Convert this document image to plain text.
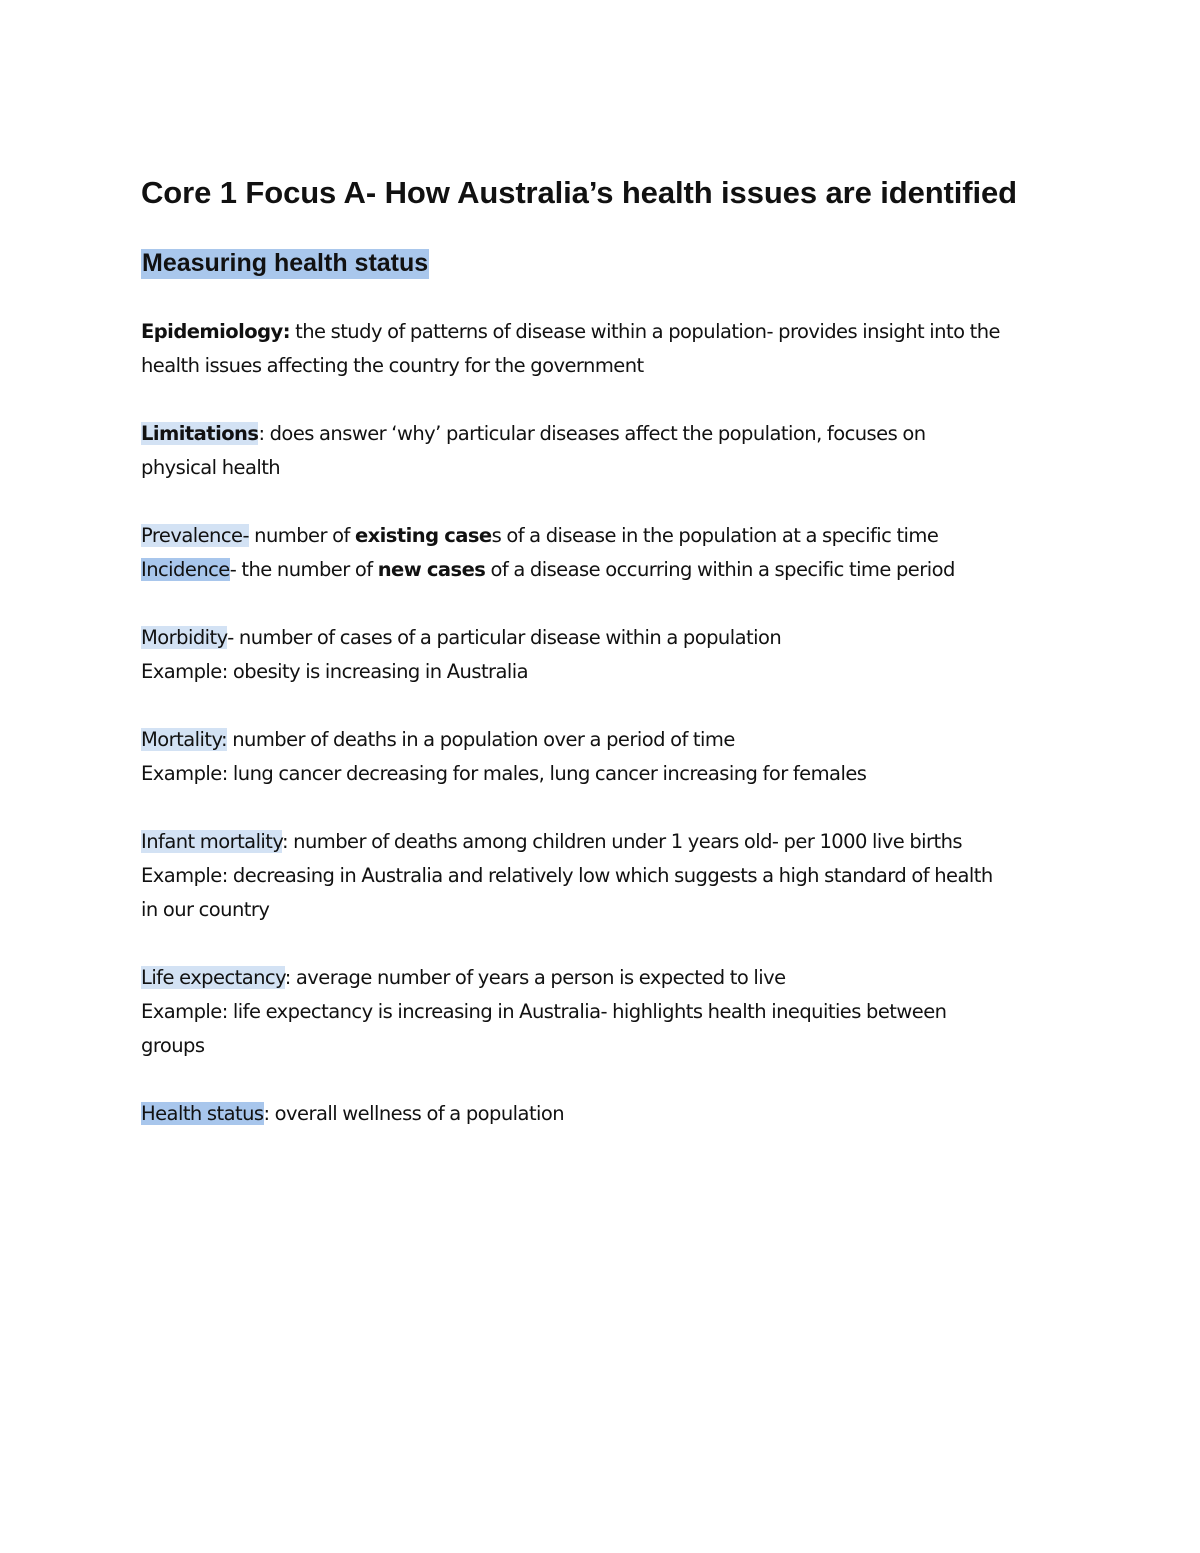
Core 1 Focus A- How Australia’s health issues are identified
Measuring health status

Epidemiology: the study of patterns of disease within a population- provides insight into the

health issues affecting the country for the government

Limitations: does answer ‘why’ particular diseases affect the population, focuses on

physical health

Prevalence- number of existing cases of a disease in the population at a specific time

Incidence- the number of new cases of a disease occurring within a specific time period

Morbidity- number of cases of a particular disease within a population

Example: obesity is increasing in Australia

Mortality: number of deaths in a population over a period of time

Example: lung cancer decreasing for males, lung cancer increasing for females

Infant mortality: number of deaths among children under 1 years old- per 1000 live births

Example: decreasing in Australia and relatively low which suggests a high standard of health

in our country

Life expectancy: average number of years a person is expected to live

Example: life expectancy is increasing in Australia- highlights health inequities between

groups

Health status: overall wellness of a population
